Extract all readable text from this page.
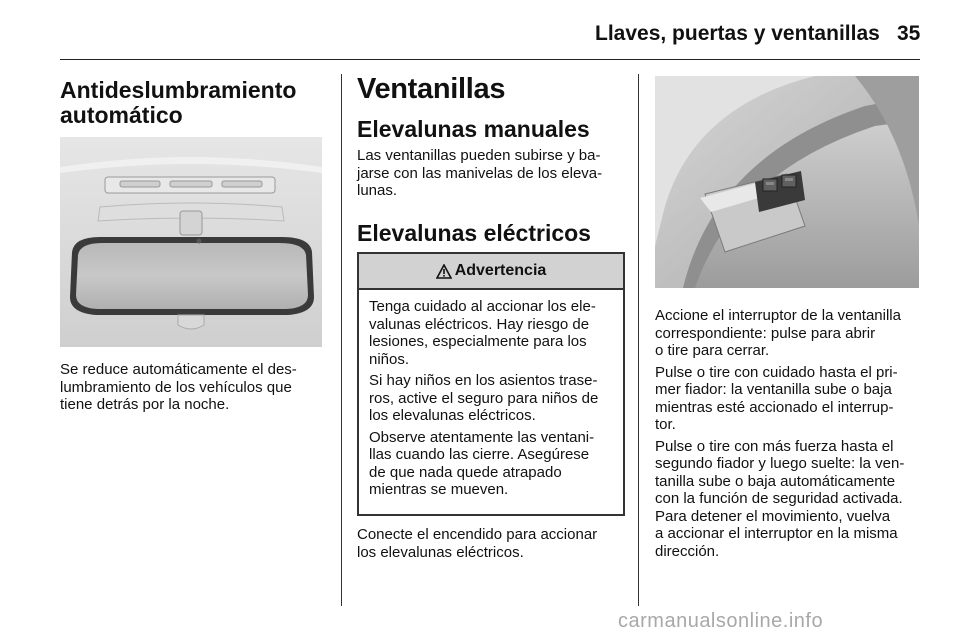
Llaves, puertas y ventanillas 35
Antideslumbramiento
automático
Se reduce automáticamente el des-
lumbramiento de los vehículos que
tiene detrás por la noche.
Ventanillas
Elevalunas manuales
Las ventanillas pueden subirse y ba-
jarse con las manivelas de los eleva-
lunas.
Elevalunas eléctricos
Advertencia

Tenga cuidado al accionar los ele-
valunas eléctricos. Hay riesgo de
lesiones, especialmente para los
niños.

Si hay niños en los asientos trase-
ros, active el seguro para niños de
los elevalunas eléctricos.

Observe atentamente las ventani-
llas cuando las cierre. Asegúrese
de que nada quede atrapado
mientras se mueven.

Conecte el encendido para accionar
los elevalunas eléctricos.

Accione el interruptor de la ventanilla
correspondiente: pulse para abrir
o tire para cerrar.

Pulse o tire con cuidado hasta el pri-
mer fiador: la ventanilla sube o baja
mientras esté accionado el interrup-
tor.

Pulse o tire con más fuerza hasta el
segundo fiador y luego suelte: la ven-
tanilla sube o baja automáticamente
con la función de seguridad activada.
Para detener el movimiento, vuelva
a accionar el interruptor en la misma
dirección.

carmanualsonline.info
